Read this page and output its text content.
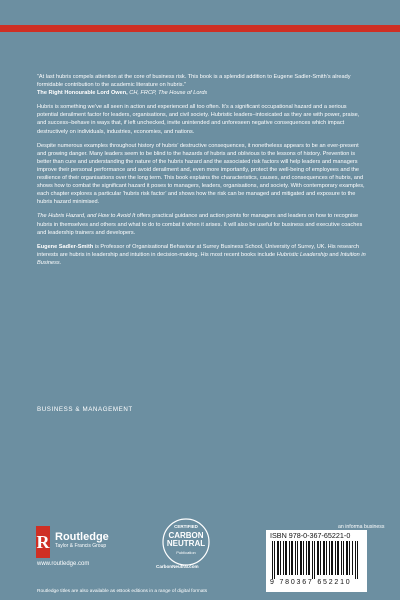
“At last hubris compels attention at the core of business risk. This book is a splendid addition to Eugene Sadler-Smith’s already formidable contribution to the academic literature on hubris.”
The Right Honourable Lord Owen, CH, FRCP, The House of Lords

Hubris is something we’ve all seen in action and experienced all too often. It’s a significant occupational hazard and a serious potential derailment factor for leaders, organisations, and civil society. Hubristic leaders–intoxicated as they are with power, praise, and success–behave in ways that, if left unchecked, invite unintended and unforeseen negative consequences which impact destructively on individuals, industries, economies, and nations.

Despite numerous examples throughout history of hubris’ destructive consequences, it nonetheless appears to be an ever-present and growing danger. Many leaders seem to be blind to the hazards of hubris and oblivious to the lessons of history. Prevention is better than cure and understanding the nature of the hubris hazard and the associated risk factors will help leaders and managers improve their personal performance and avoid derailment and, even more importantly, protect the well-being of employees and the resilience of their organisations over the long term. This book explains the characteristics, causes, and consequences of hubris, and shows how to combat the significant hazard it poses to managers, leaders, organisations, and society. With contemporary examples, each chapter explores a particular ‘hubris risk factor’ and shows how the risk can be managed and mitigated and exposure to the hubris hazard minimised.

The Hubris Hazard, and How to Avoid It offers practical guidance and action points for managers and leaders on how to recognise hubris in themselves and others and what to do to combat it when it arises. It will also be useful for business and executive coaches and leadership trainers and developers.

Eugene Sadler-Smith is Professor of Organisational Behaviour at Surrey Business School, University of Surrey, UK. His research interests are hubris in leadership and intuition in decision-making. His most recent books include Hubristic Leadership and Intuition in Business.

BUSINESS & MANAGEMENT
R Routledge
Taylor & Francis Group
www.routledge.com
CERTIFIED
CARBON
NEUTRAL
Publication
CarbonNeutral.com
an informa business
ISBN 978-0-367-65221-0
9 780367 652210
Routledge titles are also available as eBook editions in a range of digital formats
